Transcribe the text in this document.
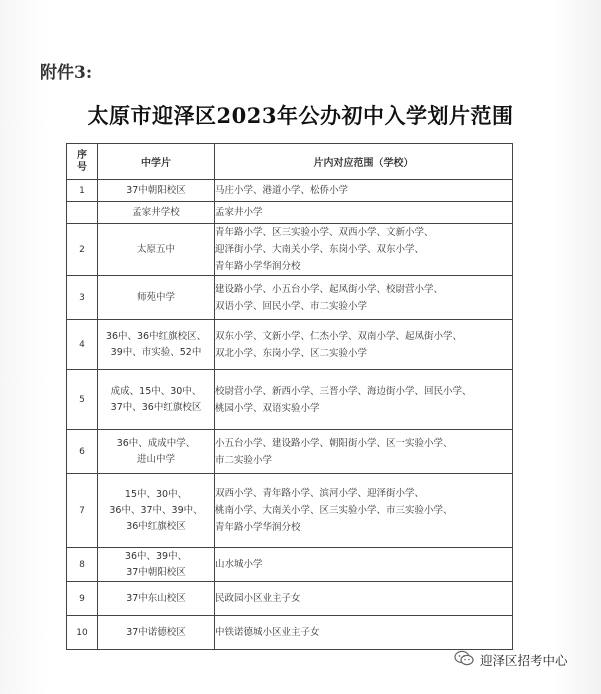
附件3:
太原市迎泽区2023年公办初中入学划片范围
序
号	中学片	片内对应范围（学校）
1	37中朝阳校区	马庄小学、港道小学、松侨小学

	孟家井学校	孟家井小学

2	太原五中	青年路小学、区三实验小学、双西小学、文新小学、
迎泽街小学、大南关小学、东岗小学、双东小学、
青年路小学华润分校

3	师苑中学	建设路小学、小五台小学、起凤街小学、校尉营小学、
双语小学、回民小学、市二实验小学

4	36中、36中红旗校区、
39中、市实验、52中	双东小学、文新小学、仁杰小学、双南小学、起凤街小学、
双北小学、东岗小学、区二实验小学

5	成成、15中、30中、
37中、36中红旗校区	校尉营小学、新西小学、三晋小学、海边街小学、回民小学、
桃园小学、双语实验小学

6	36中、成成中学、
进山中学	小五台小学、建设路小学、朝阳街小学、区一实验小学、
市二实验小学

7	15中、30中、
36中、37中、39中、
36中红旗校区	双西小学、青年路小学、滨河小学、迎泽街小学、
桃南小学、大南关小学、区三实验小学、市三实验小学、
青年路小学华润分校

8	36中、39中、
37中朝阳校区	山水城小学

9	37中东山校区	民政园小区业主子女

10	37中诺德校区	中铁诺德城小区业主子女
迎泽区招考中心
